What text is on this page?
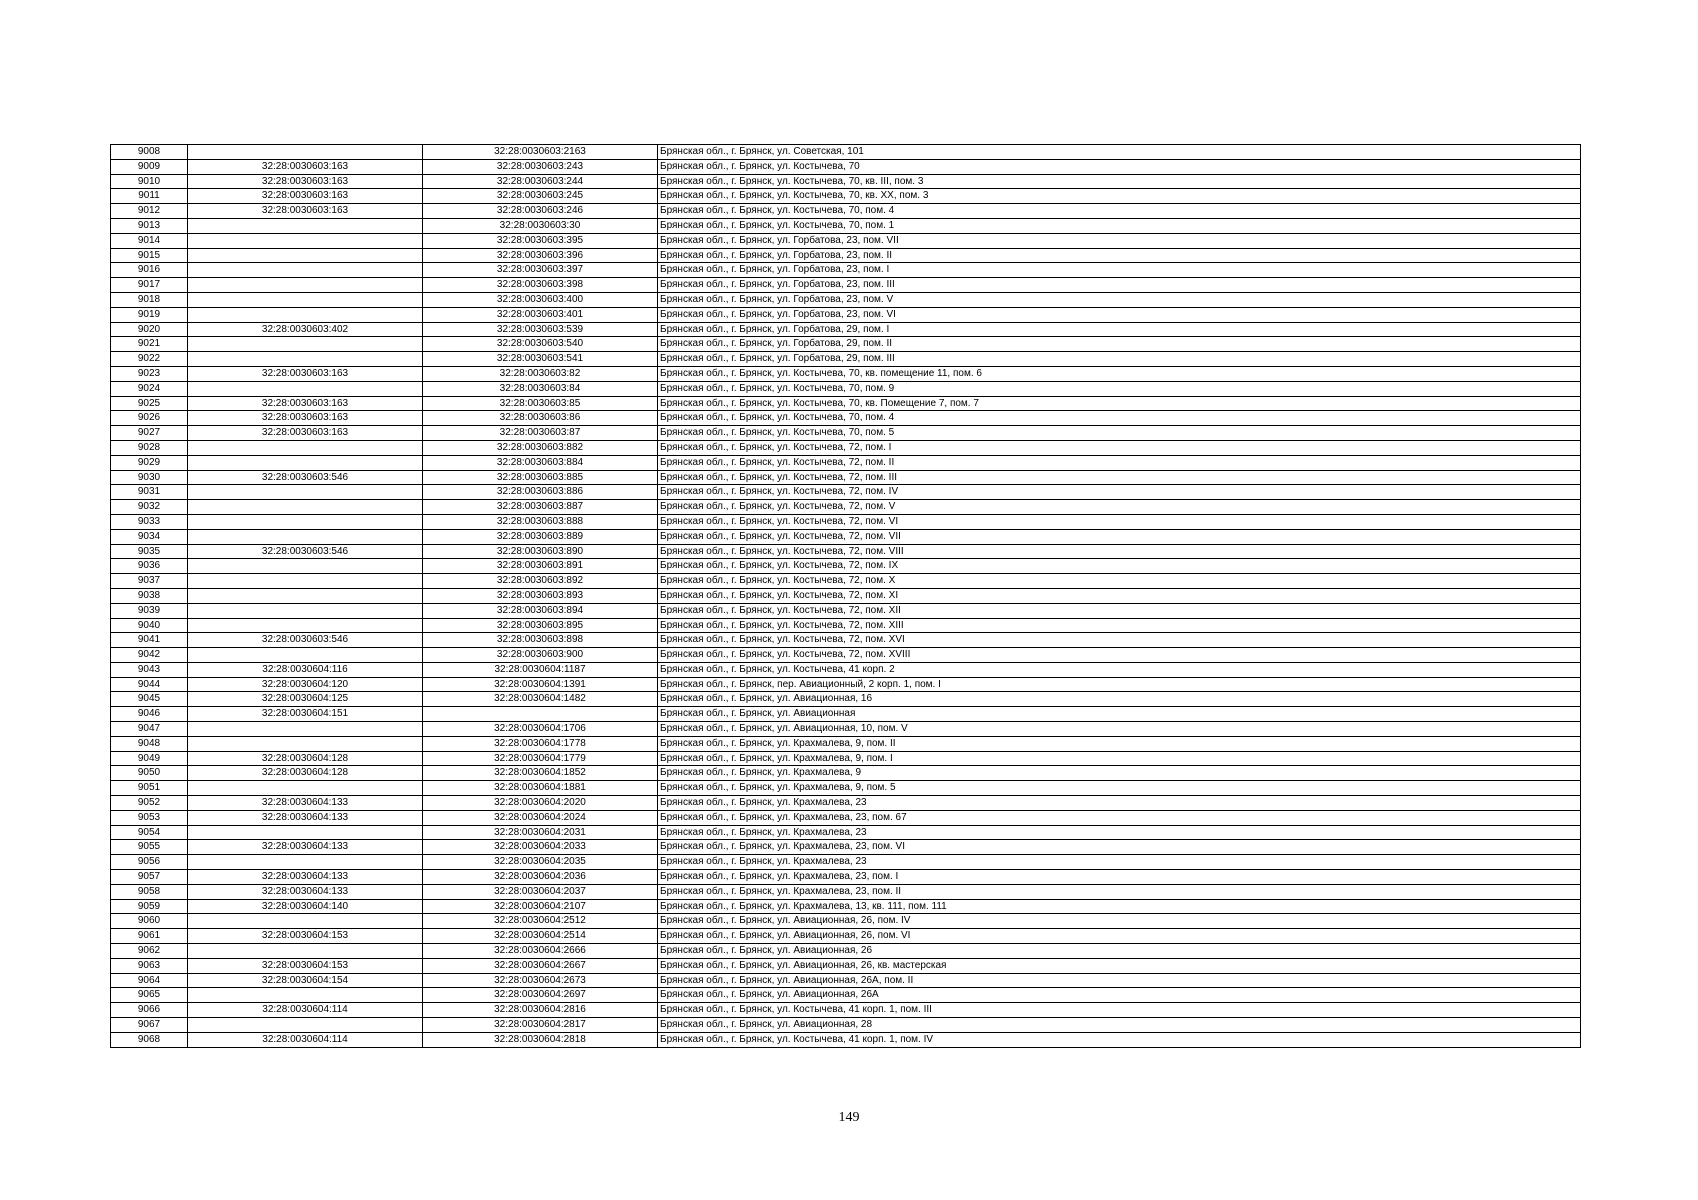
9008		32:28:0030603:2163	Брянская обл., г. Брянск, ул. Советская, 101
9009	32:28:0030603:163	32:28:0030603:243	Брянская обл., г. Брянск, ул. Костычева, 70
9010	32:28:0030603:163	32:28:0030603:244	Брянская обл., г. Брянск, ул. Костычева, 70, кв. III, пом. 3
9011	32:28:0030603:163	32:28:0030603:245	Брянская обл., г. Брянск, ул. Костычева, 70, кв. XX, пом. 3
9012	32:28:0030603:163	32:28:0030603:246	Брянская обл., г. Брянск, ул. Костычева, 70, пом. 4
9013		32:28:0030603:30	Брянская обл., г. Брянск, ул. Костычева, 70, пом. 1
9014		32:28:0030603:395	Брянская обл., г. Брянск, ул. Горбатова, 23, пом. VII
9015		32:28:0030603:396	Брянская обл., г. Брянск, ул. Горбатова, 23, пом. II
9016		32:28:0030603:397	Брянская обл., г. Брянск, ул. Горбатова, 23, пом. I
9017		32:28:0030603:398	Брянская обл., г. Брянск, ул. Горбатова, 23, пом. III
9018		32:28:0030603:400	Брянская обл., г. Брянск, ул. Горбатова, 23, пом. V
9019		32:28:0030603:401	Брянская обл., г. Брянск, ул. Горбатова, 23, пом. VI
9020	32:28:0030603:402	32:28:0030603:539	Брянская обл., г. Брянск, ул. Горбатова, 29, пом. I
9021		32:28:0030603:540	Брянская обл., г. Брянск, ул. Горбатова, 29, пом. II
9022		32:28:0030603:541	Брянская обл., г. Брянск, ул. Горбатова, 29, пом. III
9023	32:28:0030603:163	32:28:0030603:82	Брянская обл., г. Брянск, ул. Костычева, 70, кв. помещение 11, пом. 6
9024		32:28:0030603:84	Брянская обл., г. Брянск, ул. Костычева, 70, пом. 9
9025	32:28:0030603:163	32:28:0030603:85	Брянская обл., г. Брянск, ул. Костычева, 70, кв. Помещение 7, пом. 7
9026	32:28:0030603:163	32:28:0030603:86	Брянская обл., г. Брянск, ул. Костычева, 70, пом. 4
9027	32:28:0030603:163	32:28:0030603:87	Брянская обл., г. Брянск, ул. Костычева, 70, пом. 5
9028		32:28:0030603:882	Брянская обл., г. Брянск, ул. Костычева, 72, пом. I
9029		32:28:0030603:884	Брянская обл., г. Брянск, ул. Костычева, 72, пом. II
9030	32:28:0030603:546	32:28:0030603:885	Брянская обл., г. Брянск, ул. Костычева, 72, пом. III
9031		32:28:0030603:886	Брянская обл., г. Брянск, ул. Костычева, 72, пом. IV
9032		32:28:0030603:887	Брянская обл., г. Брянск, ул. Костычева, 72, пом. V
9033		32:28:0030603:888	Брянская обл., г. Брянск, ул. Костычева, 72, пом. VI
9034		32:28:0030603:889	Брянская обл., г. Брянск, ул. Костычева, 72, пом. VII
9035	32:28:0030603:546	32:28:0030603:890	Брянская обл., г. Брянск, ул. Костычева, 72, пом. VIII
9036		32:28:0030603:891	Брянская обл., г. Брянск, ул. Костычева, 72, пом. IX
9037		32:28:0030603:892	Брянская обл., г. Брянск, ул. Костычева, 72, пом. X
9038		32:28:0030603:893	Брянская обл., г. Брянск, ул. Костычева, 72, пом. XI
9039		32:28:0030603:894	Брянская обл., г. Брянск, ул. Костычева, 72, пом. XII
9040		32:28:0030603:895	Брянская обл., г. Брянск, ул. Костычева, 72, пом. XIII
9041	32:28:0030603:546	32:28:0030603:898	Брянская обл., г. Брянск, ул. Костычева, 72, пом. XVI
9042		32:28:0030603:900	Брянская обл., г. Брянск, ул. Костычева, 72, пом. XVIII
9043	32:28:0030604:116	32:28:0030604:1187	Брянская обл., г. Брянск, ул. Костычева, 41 корп. 2
9044	32:28:0030604:120	32:28:0030604:1391	Брянская обл., г. Брянск, пер. Авиационный, 2 корп. 1, пом. I
9045	32:28:0030604:125	32:28:0030604:1482	Брянская обл., г. Брянск, ул. Авиационная, 16
9046	32:28:0030604:151		Брянская обл., г. Брянск, ул. Авиационная
9047		32:28:0030604:1706	Брянская обл., г. Брянск, ул. Авиационная, 10, пом. V
9048		32:28:0030604:1778	Брянская обл., г. Брянск, ул. Крахмалева, 9, пом. II
9049	32:28:0030604:128	32:28:0030604:1779	Брянская обл., г. Брянск, ул. Крахмалева, 9, пом. I
9050	32:28:0030604:128	32:28:0030604:1852	Брянская обл., г. Брянск, ул. Крахмалева, 9
9051		32:28:0030604:1881	Брянская обл., г. Брянск, ул. Крахмалева, 9, пом. 5
9052	32:28:0030604:133	32:28:0030604:2020	Брянская обл., г. Брянск, ул. Крахмалева, 23
9053	32:28:0030604:133	32:28:0030604:2024	Брянская обл., г. Брянск, ул. Крахмалева, 23, пом. 67
9054		32:28:0030604:2031	Брянская обл., г. Брянск, ул. Крахмалева, 23
9055	32:28:0030604:133	32:28:0030604:2033	Брянская обл., г. Брянск, ул. Крахмалева, 23, пом. VI
9056		32:28:0030604:2035	Брянская обл., г. Брянск, ул. Крахмалева, 23
9057	32:28:0030604:133	32:28:0030604:2036	Брянская обл., г. Брянск, ул. Крахмалева, 23, пом. I
9058	32:28:0030604:133	32:28:0030604:2037	Брянская обл., г. Брянск, ул. Крахмалева, 23, пом. II
9059	32:28:0030604:140	32:28:0030604:2107	Брянская обл., г. Брянск, ул. Крахмалева, 13, кв. 111, пом. 111
9060		32:28:0030604:2512	Брянская обл., г. Брянск, ул. Авиационная, 26, пом. IV
9061	32:28:0030604:153	32:28:0030604:2514	Брянская обл., г. Брянск, ул. Авиационная, 26, пом. VI
9062		32:28:0030604:2666	Брянская обл., г. Брянск, ул. Авиационная, 26
9063	32:28:0030604:153	32:28:0030604:2667	Брянская обл., г. Брянск, ул. Авиационная, 26, кв. мастерская
9064	32:28:0030604:154	32:28:0030604:2673	Брянская обл., г. Брянск, ул. Авиационная, 26А, пом. II
9065		32:28:0030604:2697	Брянская обл., г. Брянск, ул. Авиационная, 26А
9066	32:28:0030604:114	32:28:0030604:2816	Брянская обл., г. Брянск, ул. Костычева, 41 корп. 1, пом. III
9067		32:28:0030604:2817	Брянская обл., г. Брянск, ул. Авиационная, 28
9068	32:28:0030604:114	32:28:0030604:2818	Брянская обл., г. Брянск, ул. Костычева, 41 корп. 1, пом. IV
149
